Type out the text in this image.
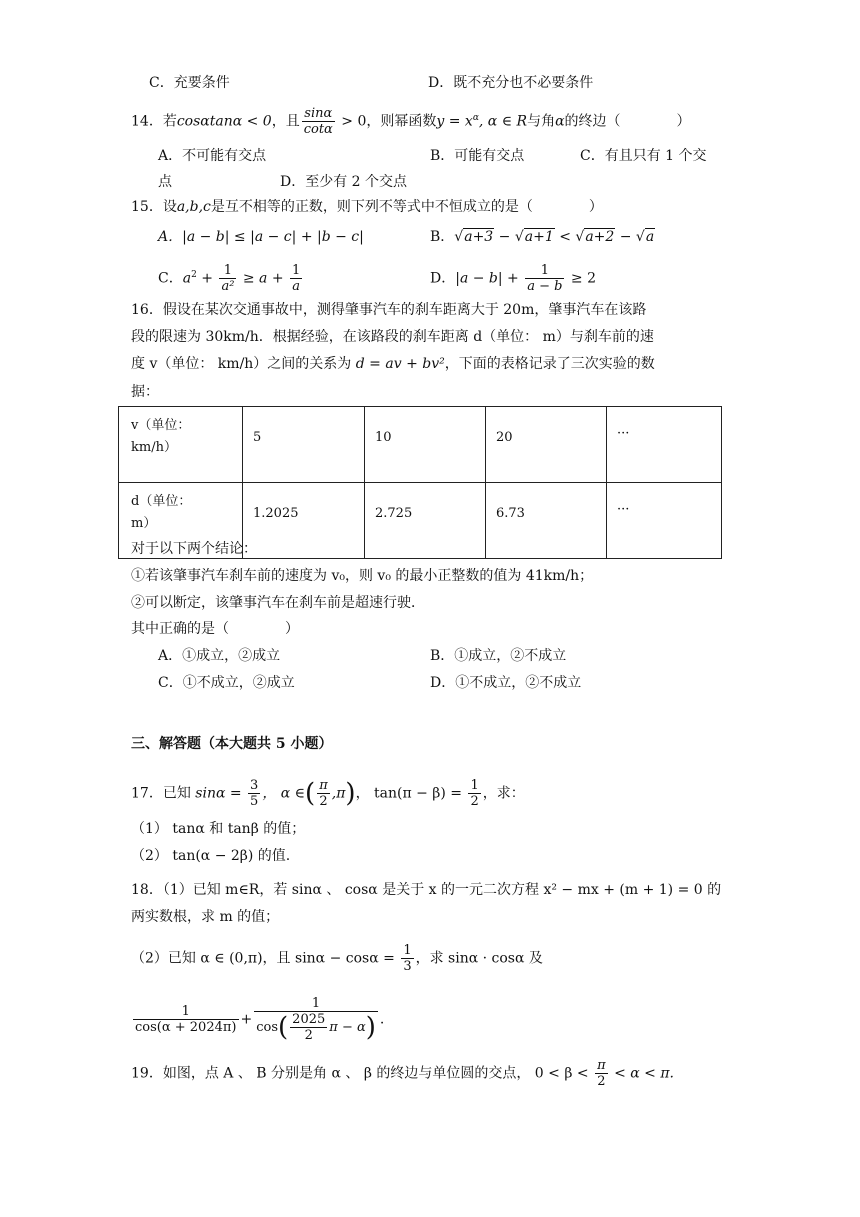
C．充要条件	D．既不充分也不必要条件
14．若cosαtanα < 0，且 $\frac{\sin\alpha}{\cot\alpha} > 0$，则幂函数$y = x^\alpha$, α ∈ R与角α的终边（　　　　）
A．不可能有交点	B．可能有交点	C．有且只有 1 个交
点	D．至少有 2 个交点
15．设a,b,c是互不相等的正数，则下列不等式中不恒成立的是（　　　　）
A．|a − b| ≤ |a − c| + |b − c|	B．√a+3 − √a+1 < √a+2 − √a
C．$a^2 + \frac{1}{\text{a²}} \ge a + \frac{1}{a}$	D．$|a - b| + \frac{1}{a - b} \ge 2$
16．假设在某次交通事故中，测得肇事汽车的刹车距离大于 20m，肇事汽车在该路
段的限速为 30km/h．根据经验，在该路段的刹车距离 d（单位： m）与刹车前的速
度 v（单位： km/h）之间的关系为 d = av + bv²，下面的表格记录了三次实验的数
据：
v（单位：
km/h）	5	10	20	···
d（单位：
m）	1.2025	2.725	6.73	···
对于以下两个结论：
①若该肇事汽车刹车前的速度为 v₀，则 v₀ 的最小正整数的值为 41km/h；
②可以断定，该肇事汽车在刹车前是超速行驶．
其中正确的是（　　　　）
A．①成立，②成立	B．①成立，②不成立
C．①不成立，②成立	D．①不成立，②不成立
三、解答题（本大题共 5 小题）
17．已知 $\sin\alpha = \frac{3}{5}$ ， α ∈( $\frac{\pi}{2} ,\pi$)， $\tan(\pi - \beta) = \frac{1}{2}$ ，求：
（1） tanα 和 tanβ 的值；
（2） tan(α − 2β) 的值.
18．（1）已知 m∈R，若 sinα 、 cosα 是关于 x 的一元二次方程 x² − mx + (m + 1) = 0 的
两实数根，求 m 的值；
（2）已知 α ∈ (0,π)，且 $\sin\alpha - \cos\alpha = \frac{1}{3}$ ，求 sinα · cosα 及
$\frac{1}{\cos(\alpha + 2024\pi)} + \frac{1}{\cos( \frac{2025}{2} \pi - \alpha)}$ .
19．如图，点 A 、 B 分别是角 α 、 β 的终边与单位圆的交点， $0 < \beta < \frac{\pi}{2} < \alpha < \pi$.
